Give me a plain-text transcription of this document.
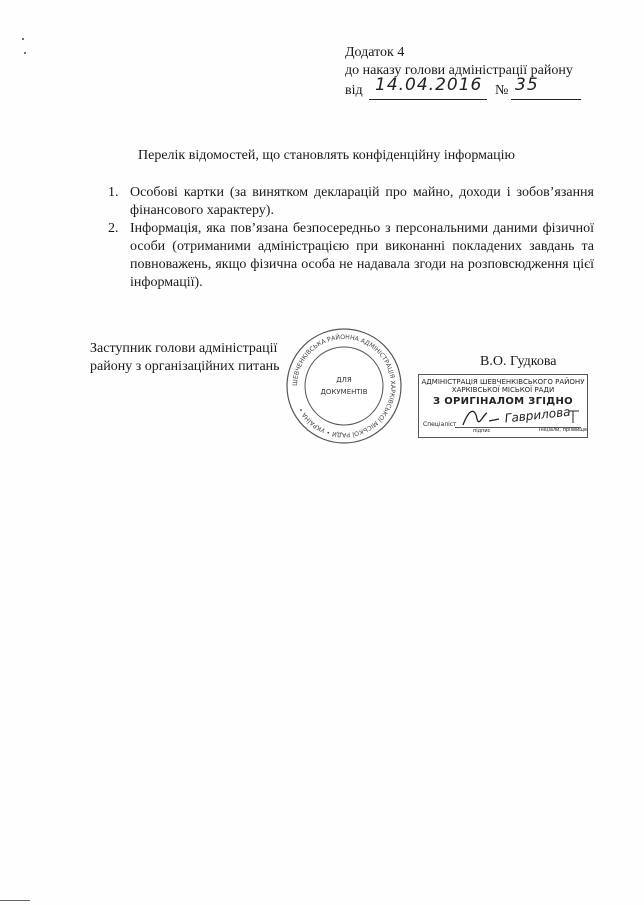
Додаток 4
до наказу голови адміністрації району
від 14.04.2016 № 35
Перелік відомостей, що становлять конфіденційну інформацію
1. Особові картки (за винятком декларацій про майно, доходи і зобов’язання фінансового характеру).
2. Інформація, яка пов’язана безпосередньо з персональними даними фізичної особи (отриманими адміністрацією при виконанні покладених завдань та повноважень, якщо фізична особа не надавала згоди на розповсюдження цієї інформації).
Заступник голови адміністрації
району з організаційних питань	В.О. Гудкова
ШЕВЧЕНКІВСЬКА РАЙОННА АДМІНІСТРАЦІЯ ХАРКІВСЬКОЇ МІСЬКОЇ РАДИ • УКРАЇНА •
ДЛЯ
ДОКУМЕНТІВ
АДМІНІСТРАЦІЯ ШЕВЧЕНКІВСЬКОГО РАЙОНУ
ХАРКІВСЬКОЇ МІСЬКОЇ РАДИ
З ОРИГІНАЛОМ ЗГІДНО
Спеціаліст
підпис	Ініціали, прізвище
Гаврилова
